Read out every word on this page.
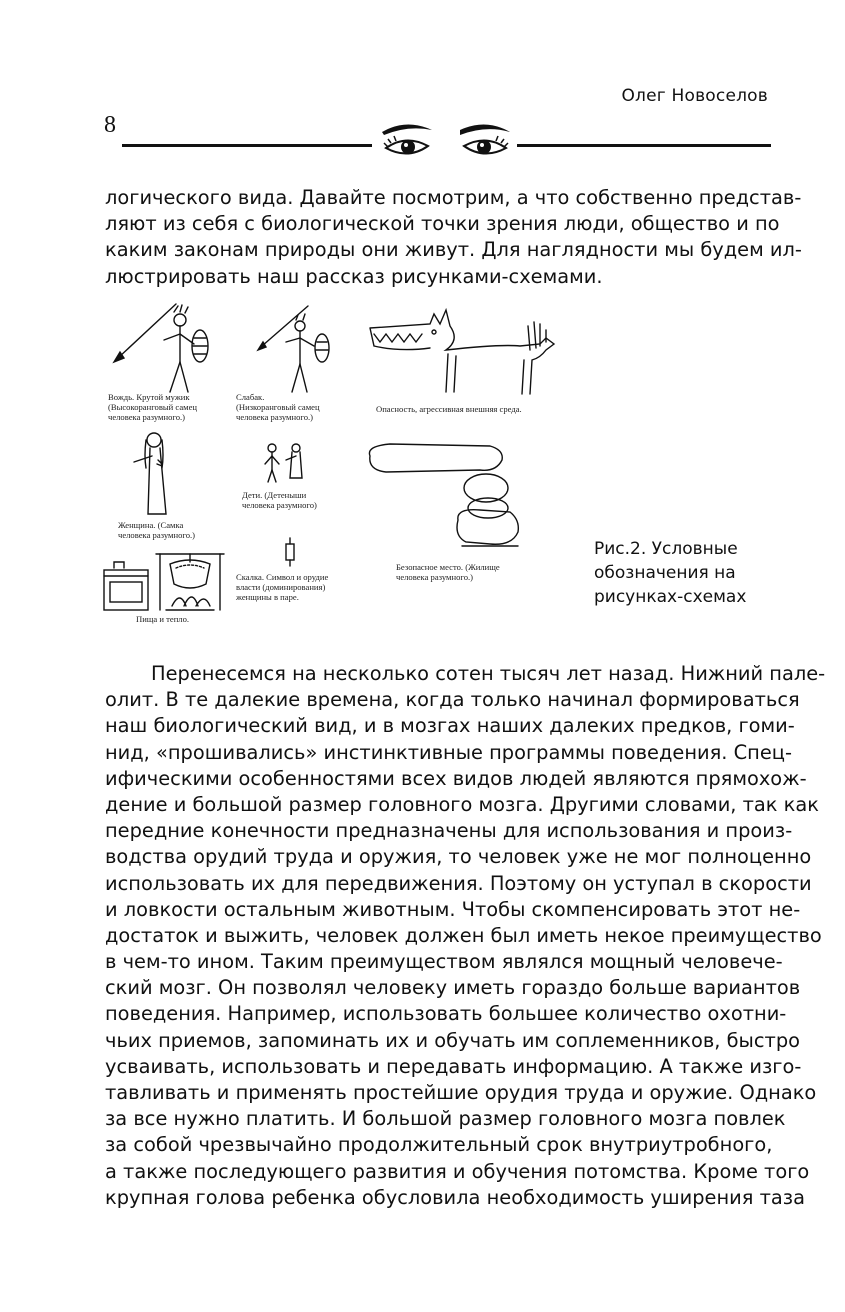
Олег Новоселов
8
логического вида. Давайте посмотрим, а что собственно представ-
ляют из себя с биологической точки зрения люди, общество и по
каким законам природы они живут. Для наглядности мы будем ил-
люстрировать наш рассказ рисунками-схемами.
Вождь. Крутой мужик
(Высокоранговый самец
человека разумного.)
Слабак.
(Низкоранговый самец
человека разумного.)
Опасность, агрессивная внешняя среда.
Женщина. (Самка
человека разумного.)
Дети. (Детеныши
человека разумного)
Безопасное место. (Жилище
человека разумного.)
Скалка. Символ и орудие
власти (доминирования)
женщины в паре.
Пища и тепло.
Рис.2. Условные
обозначения на
рисунках-схемах
Перенесемся на несколько сотен тысяч лет назад. Нижний пале-
олит. В те далекие времена, когда только начинал формироваться
наш биологический вид, и в мозгах наших далеких предков, гоми-
нид, «прошивались» инстинктивные программы поведения. Спец-
ифическими особенностями всех видов людей являются прямохож-
дение и большой размер головного мозга. Другими словами, так как
передние конечности предназначены для использования и произ-
водства орудий труда и оружия, то человек уже не мог полноценно
использовать их для передвижения. Поэтому он уступал в скорости
и ловкости остальным животным. Чтобы скомпенсировать этот не-
достаток и выжить, человек должен был иметь некое преимущество
в чем-то ином. Таким преимуществом являлся мощный человече-
ский мозг. Он позволял человеку иметь гораздо больше вариантов
поведения. Например, использовать большее количество охотни-
чьих приемов, запоминать их и обучать им соплеменников, быстро
усваивать, использовать и передавать информацию. А также изго-
тавливать и применять простейшие орудия труда и оружие. Однако
за все нужно платить. И большой размер головного мозга повлек
за собой чрезвычайно продолжительный срок внутриутробного,
а также последующего развития и обучения потомства. Кроме того
крупная голова ребенка обусловила необходимость уширения таза
